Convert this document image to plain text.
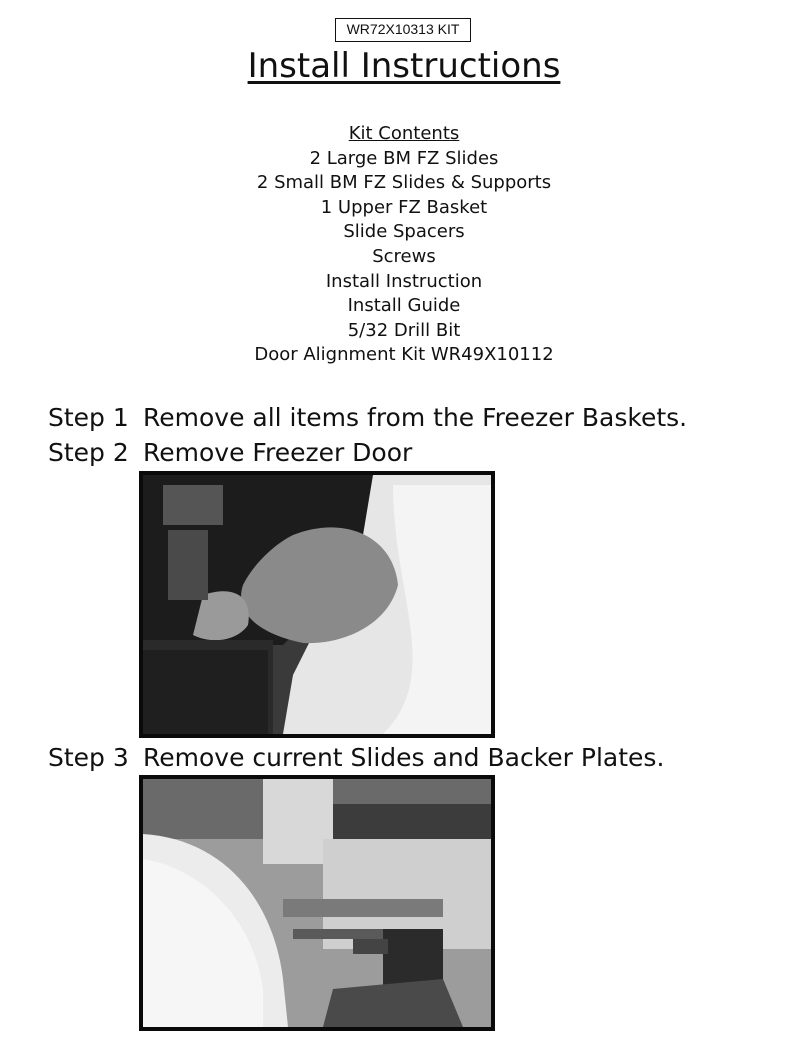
WR72X10313 KIT
Install Instructions
Kit Contents
2 Large BM FZ Slides
2 Small BM FZ Slides & Supports
1 Upper FZ Basket
Slide Spacers
Screws
Install Instruction
Install Guide
5/32 Drill Bit
Door Alignment Kit WR49X10112
Step 1 Remove all items from the Freezer Baskets.
Step 2 Remove Freezer Door
Step 3 Remove current Slides and Backer Plates.
